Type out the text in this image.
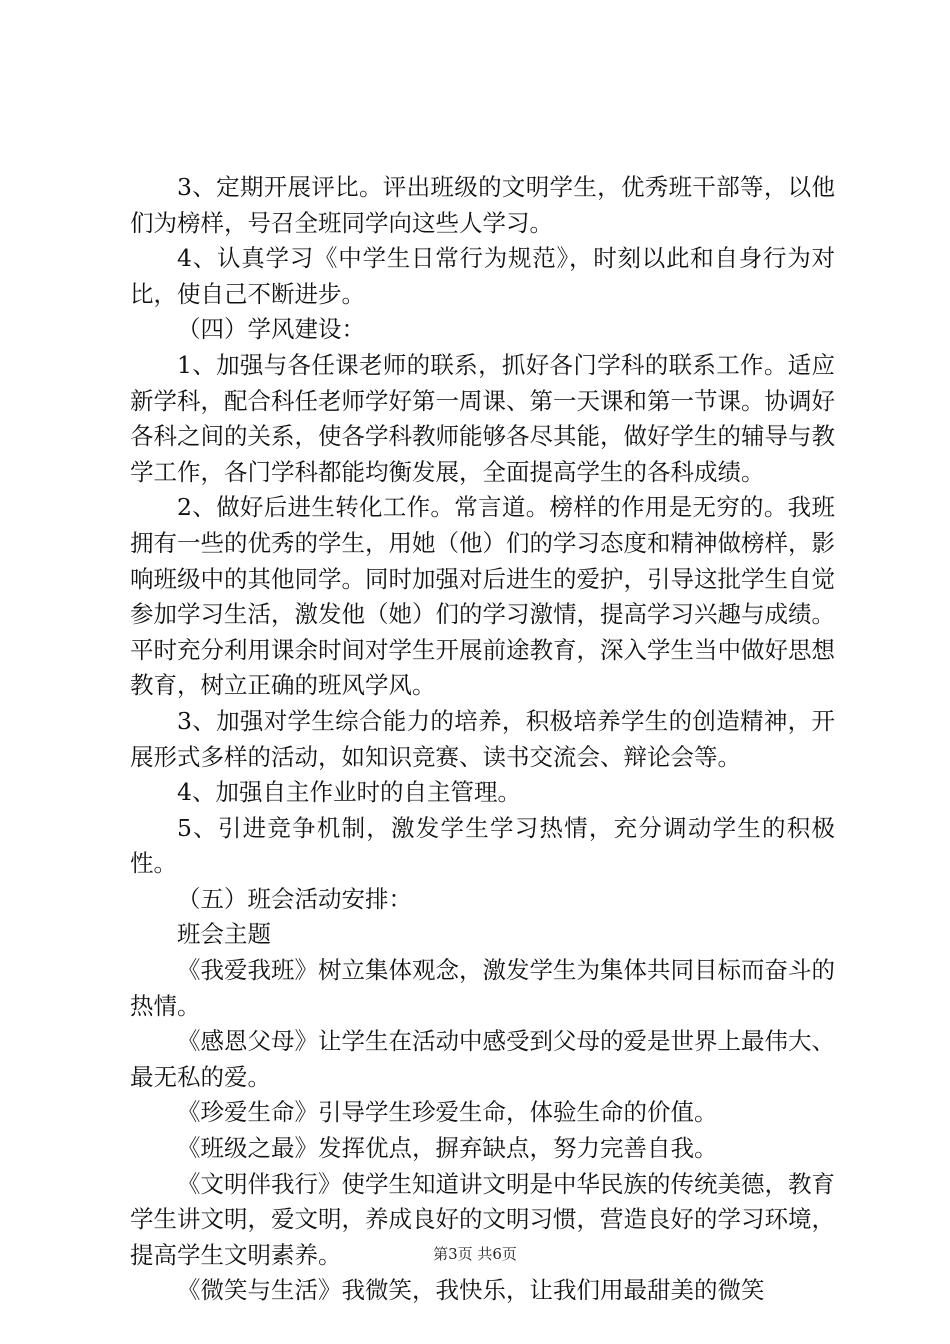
3、定期开展评比。评出班级的文明学生，优秀班干部等，以他们为榜样，号召全班同学向这些人学习。

4、认真学习《中学生日常行为规范》，时刻以此和自身行为对比，使自己不断进步。

（四）学风建设：

1、加强与各任课老师的联系，抓好各门学科的联系工作。适应新学科，配合科任老师学好第一周课、第一天课和第一节课。协调好各科之间的关系，使各学科教师能够各尽其能，做好学生的辅导与教学工作，各门学科都能均衡发展，全面提高学生的各科成绩。

2、做好后进生转化工作。常言道。榜样的作用是无穷的。我班拥有一些的优秀的学生，用她（他）们的学习态度和精神做榜样，影响班级中的其他同学。同时加强对后进生的爱护，引导这批学生自觉参加学习生活，激发他（她）们的学习激情，提高学习兴趣与成绩。平时充分利用课余时间对学生开展前途教育，深入学生当中做好思想教育，树立正确的班风学风。

3、加强对学生综合能力的培养，积极培养学生的创造精神，开展形式多样的活动，如知识竞赛、读书交流会、辩论会等。

4、加强自主作业时的自主管理。

5、引进竞争机制，激发学生学习热情，充分调动学生的积极性。

（五）班会活动安排：

班会主题

《我爱我班》树立集体观念，激发学生为集体共同目标而奋斗的热情。

《感恩父母》让学生在活动中感受到父母的爱是世界上最伟大、最无私的爱。

《珍爱生命》引导学生珍爱生命，体验生命的价值。

《班级之最》发挥优点，摒弃缺点，努力完善自我。

《文明伴我行》使学生知道讲文明是中华民族的传统美德，教育学生讲文明，爱文明，养成良好的文明习惯，营造良好的学习环境，提高学生文明素养。

《微笑与生活》我微笑，我快乐，让我们用最甜美的微笑

第3页 共6页
